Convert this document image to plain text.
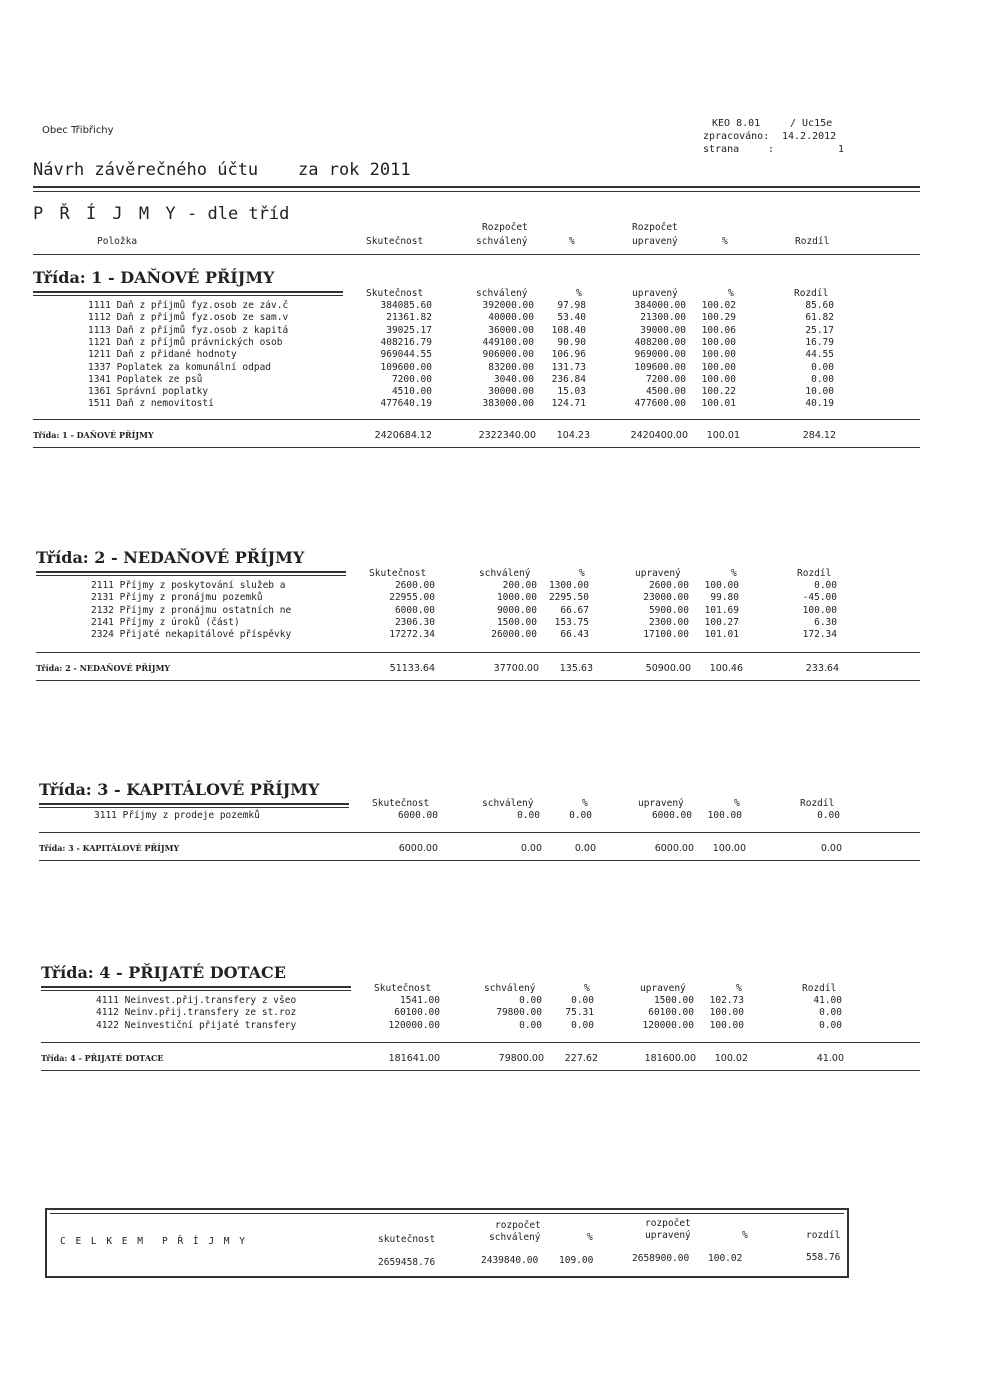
Obec Třibřichy
KEO 8.01	/ Uc15e
zpracováno: 14.2.2012
strana	:	1
Návrh závěrečného účtu za rok 2011
P Ř Í J M Y - dle tříd
Rozpočet	Rozpočet
Položka	Skutečnost	schválený	%	upravený	%	Rozdíl
Třída: 1 - DAŇOVÉ PŘÍJMY
Skutečnost	schválený	%	upravený	%	Rozdíl
1111 Daň z příjmů fyz.osob ze záv.č	384085.60	392000.00 97.98	384000.00 100.02	85.60
1112 Daň z příjmů fyz.osob ze sam.v	21361.82	40000.00 53.40	21300.00 100.29	61.82
1113 Daň z příjmů fyz.osob z kapitá	39025.17	36000.00 108.40	39000.00 100.06	25.17
1121 Daň z příjmů právnických osob	408216.79	449100.00 90.90	408200.00 100.00	16.79
1211 Daň z přidané hodnoty	969044.55	906000.00 106.96	969000.00 100.00	44.55
1337 Poplatek za komunální odpad	109600.00	83200.00 131.73	109600.00 100.00	0.00
1341 Poplatek ze psů	7200.00	3040.00 236.84	7200.00 100.00	0.00
1361 Správní poplatky	4510.00	30000.00 15.03	4500.00 100.22	10.00
1511 Daň z nemovitostí	477640.19	383000.00 124.71	477600.00 100.01	40.19
Třída: 1 - DAŇOVÉ PŘÍJMY	2420684.12	2322340.00 104.23	2420400.00 100.01	284.12
Třída: 2 - NEDAŇOVÉ PŘÍJMY
Skutečnost	schválený	%	upravený	%	Rozdíl
2111 Příjmy z poskytování služeb a	2600.00	200.00 1300.00	2600.00 100.00	0.00
2131 Příjmy z pronájmu pozemků	22955.00	1000.00 2295.50	23000.00 99.80	-45.00
2132 Příjmy z pronájmu ostatních ne	6000.00	9000.00 66.67	5900.00 101.69	100.00
2141 Příjmy z úroků (část)	2306.30	1500.00 153.75	2300.00 100.27	6.30
2324 Přijaté nekapitálové příspěvky	17272.34	26000.00 66.43	17100.00 101.01	172.34
Třída: 2 - NEDAŇOVÉ PŘÍJMY	51133.64	37700.00 135.63	50900.00 100.46	233.64
Třída: 3 - KAPITÁLOVÉ PŘÍJMY
Skutečnost	schválený	%	upravený	%	Rozdíl
3111 Příjmy z prodeje pozemků	6000.00	0.00	0.00	6000.00 100.00	0.00
Třída: 3 - KAPITÁLOVÉ PŘÍJMY	6000.00	0.00	0.00	6000.00 100.00	0.00
Třída: 4 - PŘIJATÉ DOTACE
Skutečnost	schválený	%	upravený	%	Rozdíl
4111 Neinvest.přij.transfery z všeo	1541.00	0.00	0.00	1500.00 102.73	41.00
4112 Neinv.přij.transfery ze st.roz	60100.00	79800.00 75.31	60100.00 100.00	0.00
4122 Neinvestiční přijaté transfery	120000.00	0.00	0.00	120000.00 100.00	0.00
Třída: 4 - PŘIJATÉ DOTACE	181641.00	79800.00 227.62	181600.00 100.02	41.00
C E L K E M P Ř Í J M Y
rozpočet	rozpočet
skutečnost	schválený	%	upravený	%	rozdíl
2659458.76	2439840.00 109.00	2658900.00 100.02	558.76
